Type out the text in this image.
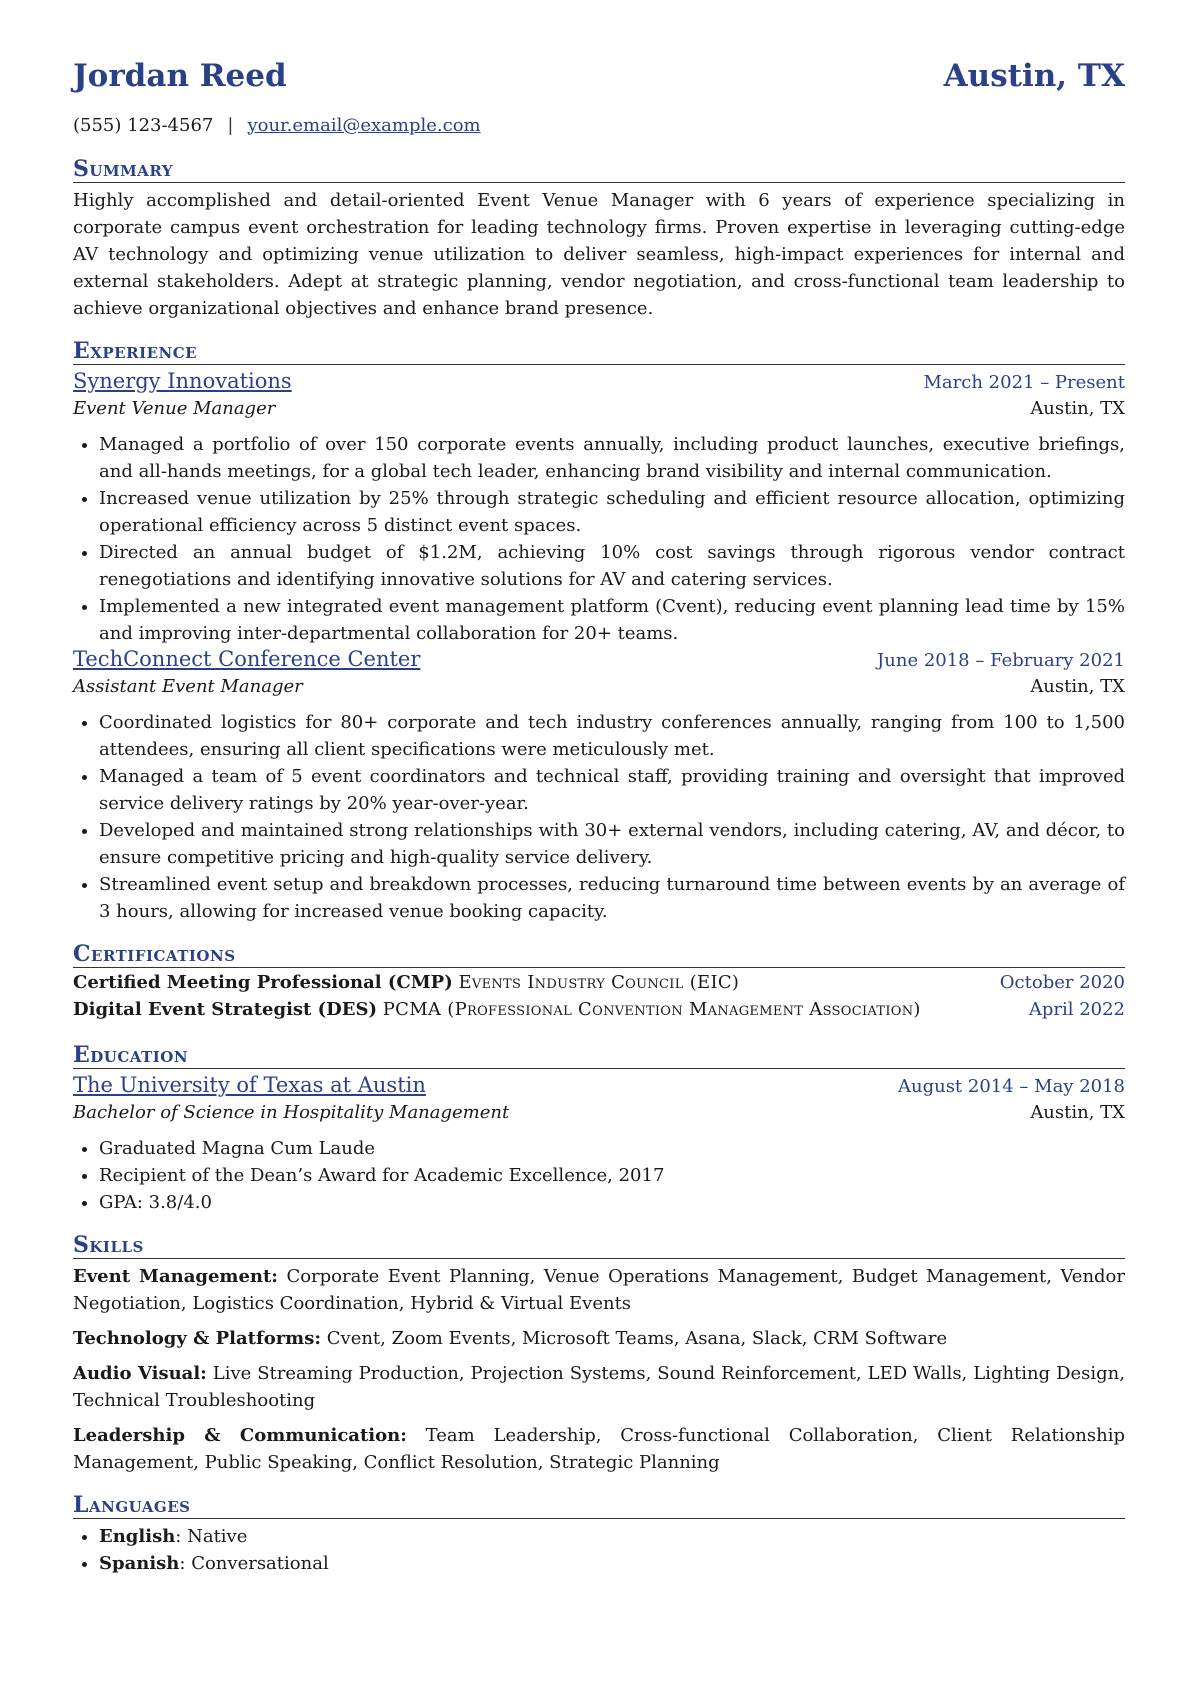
Jordan Reed	Austin, TX
(555) 123-4567 | your.email@example.com
Summary

Highly accomplished and detail-oriented Event Venue Manager with 6 years of experience specializing in corporate campus event orchestration for leading technology firms. Proven expertise in leveraging cutting-edge AV technology and optimizing venue utilization to deliver seamless, high-impact experiences for internal and external stakeholders. Adept at strategic planning, vendor negotiation, and cross-functional team leadership to achieve organizational objectives and enhance brand presence.

Experience
Synergy Innovations	March 2021 – Present
Event Venue Manager	Austin, TX
• Managed a portfolio of over 150 corporate events annually, including product launches, executive briefings, and all-hands meetings, for a global tech leader, enhancing brand visibility and internal communication.
• Increased venue utilization by 25% through strategic scheduling and efficient resource allocation, optimizing operational efficiency across 5 distinct event spaces.
• Directed an annual budget of $1.2M, achieving 10% cost savings through rigorous vendor contract renegotiations and identifying innovative solutions for AV and catering services.
• Implemented a new integrated event management platform (Cvent), reducing event planning lead time by 15% and improving inter-departmental collaboration for 20+ teams.
TechConnect Conference Center	June 2018 – February 2021
Assistant Event Manager	Austin, TX
• Coordinated logistics for 80+ corporate and tech industry conferences annually, ranging from 100 to 1,500 attendees, ensuring all client specifications were meticulously met.
• Managed a team of 5 event coordinators and technical staff, providing training and oversight that improved service delivery ratings by 20% year-over-year.
• Developed and maintained strong relationships with 30+ external vendors, including catering, AV, and décor, to ensure competitive pricing and high-quality service delivery.
• Streamlined event setup and breakdown processes, reducing turnaround time between events by an average of 3 hours, allowing for increased venue booking capacity.
Certifications
Certified Meeting Professional (CMP) Events Industry Council (EIC)	October 2020
Digital Event Strategist (DES) PCMA (Professional Convention Management Association)	April 2022
Education
The University of Texas at Austin	August 2014 – May 2018
Bachelor of Science in Hospitality Management	Austin, TX
• Graduated Magna Cum Laude
• Recipient of the Dean’s Award for Academic Excellence, 2017
• GPA: 3.8/4.0
Skills
Event Management: Corporate Event Planning, Venue Operations Management, Budget Management, Vendor Negotiation, Logistics Coordination, Hybrid & Virtual Events
Technology & Platforms: Cvent, Zoom Events, Microsoft Teams, Asana, Slack, CRM Software
Audio Visual: Live Streaming Production, Projection Systems, Sound Reinforcement, LED Walls, Lighting Design, Technical Troubleshooting
Leadership & Communication: Team Leadership, Cross-functional Collaboration, Client Relationship Management, Public Speaking, Conflict Resolution, Strategic Planning
Languages
• English: Native
• Spanish: Conversational
